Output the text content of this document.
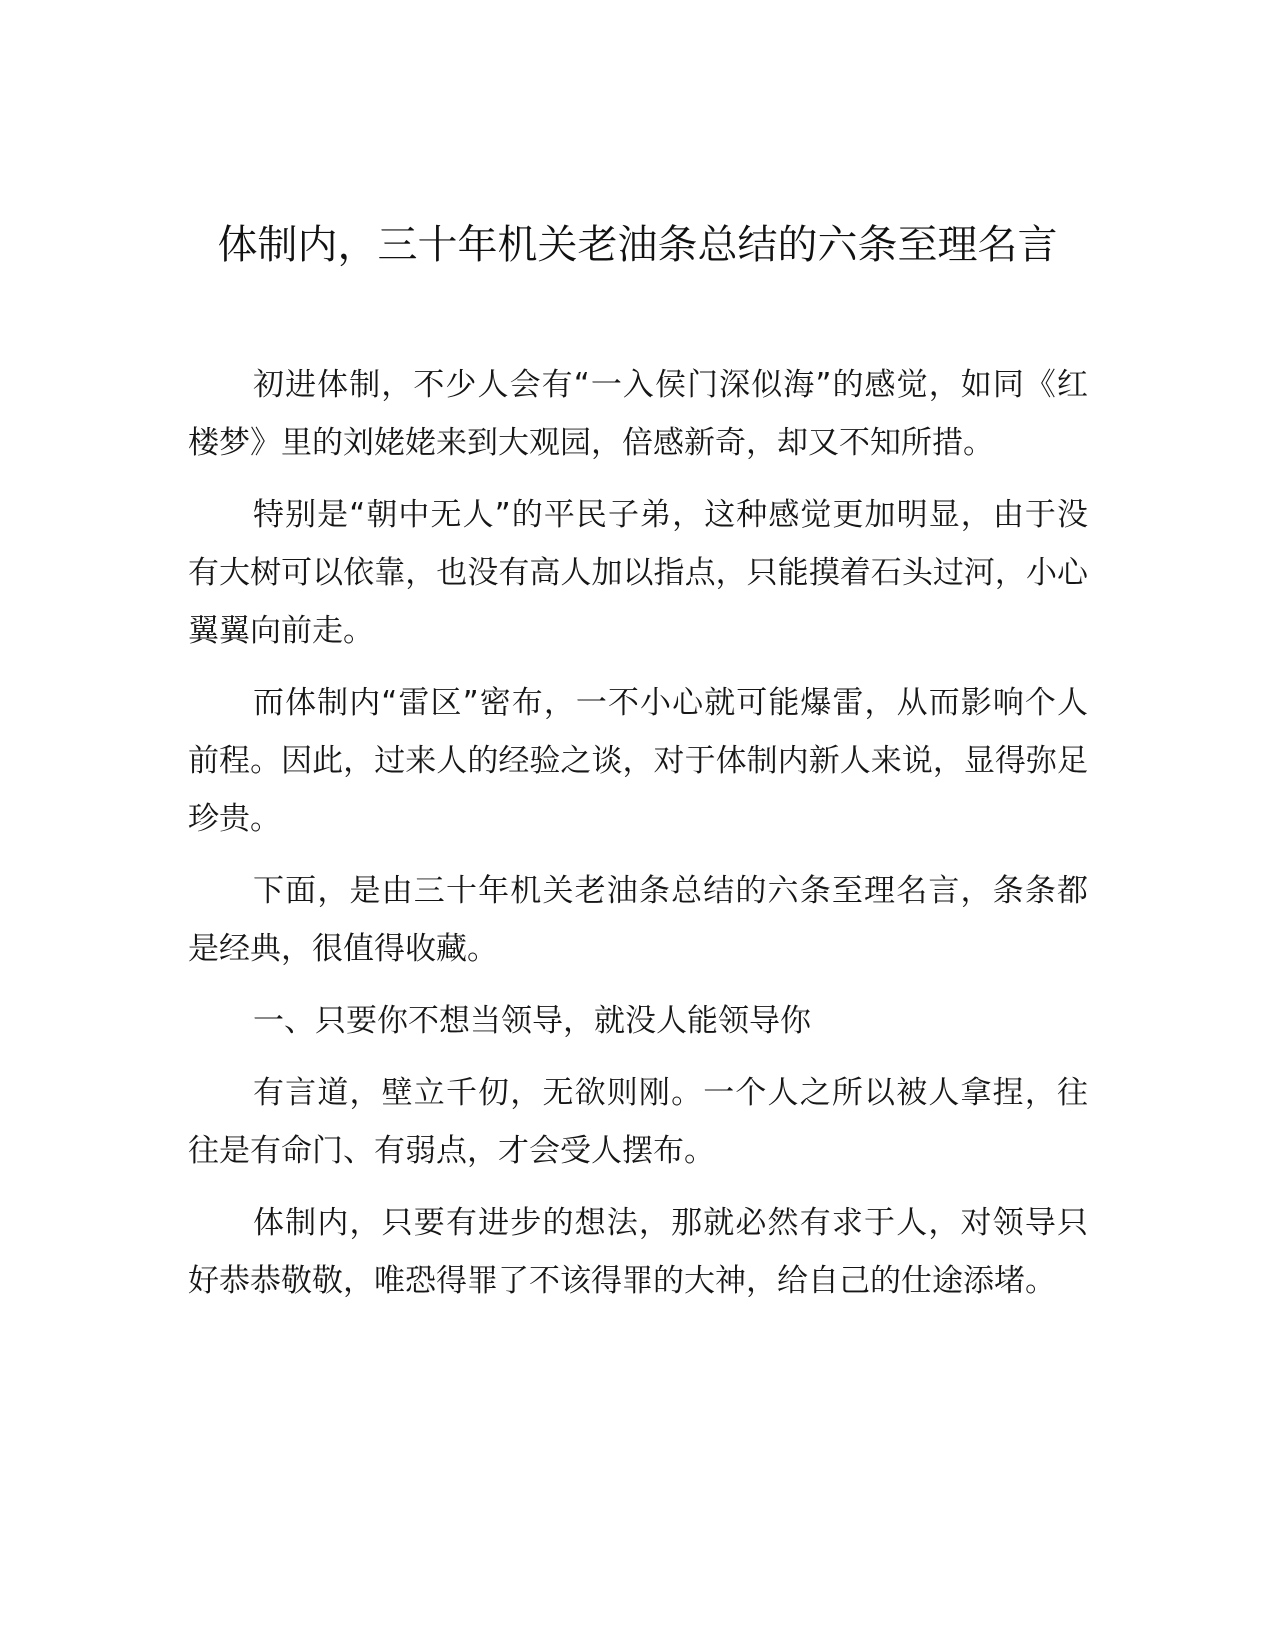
体制内，三十年机关老油条总结的六条至理名言

初进体制，不少人会有“一入侯门深似海”的感觉，如同《红楼梦》里的刘姥姥来到大观园，倍感新奇，却又不知所措。

特别是“朝中无人”的平民子弟，这种感觉更加明显，由于没有大树可以依靠，也没有高人加以指点，只能摸着石头过河，小心翼翼向前走。

而体制内“雷区”密布，一不小心就可能爆雷，从而影响个人前程。因此，过来人的经验之谈，对于体制内新人来说，显得弥足珍贵。

下面，是由三十年机关老油条总结的六条至理名言，条条都是经典，很值得收藏。

一、只要你不想当领导，就没人能领导你

有言道，壁立千仞，无欲则刚。一个人之所以被人拿捏，往往是有命门、有弱点，才会受人摆布。

体制内，只要有进步的想法，那就必然有求于人，对领导只好恭恭敬敬，唯恐得罪了不该得罪的大神，给自己的仕途添堵。
